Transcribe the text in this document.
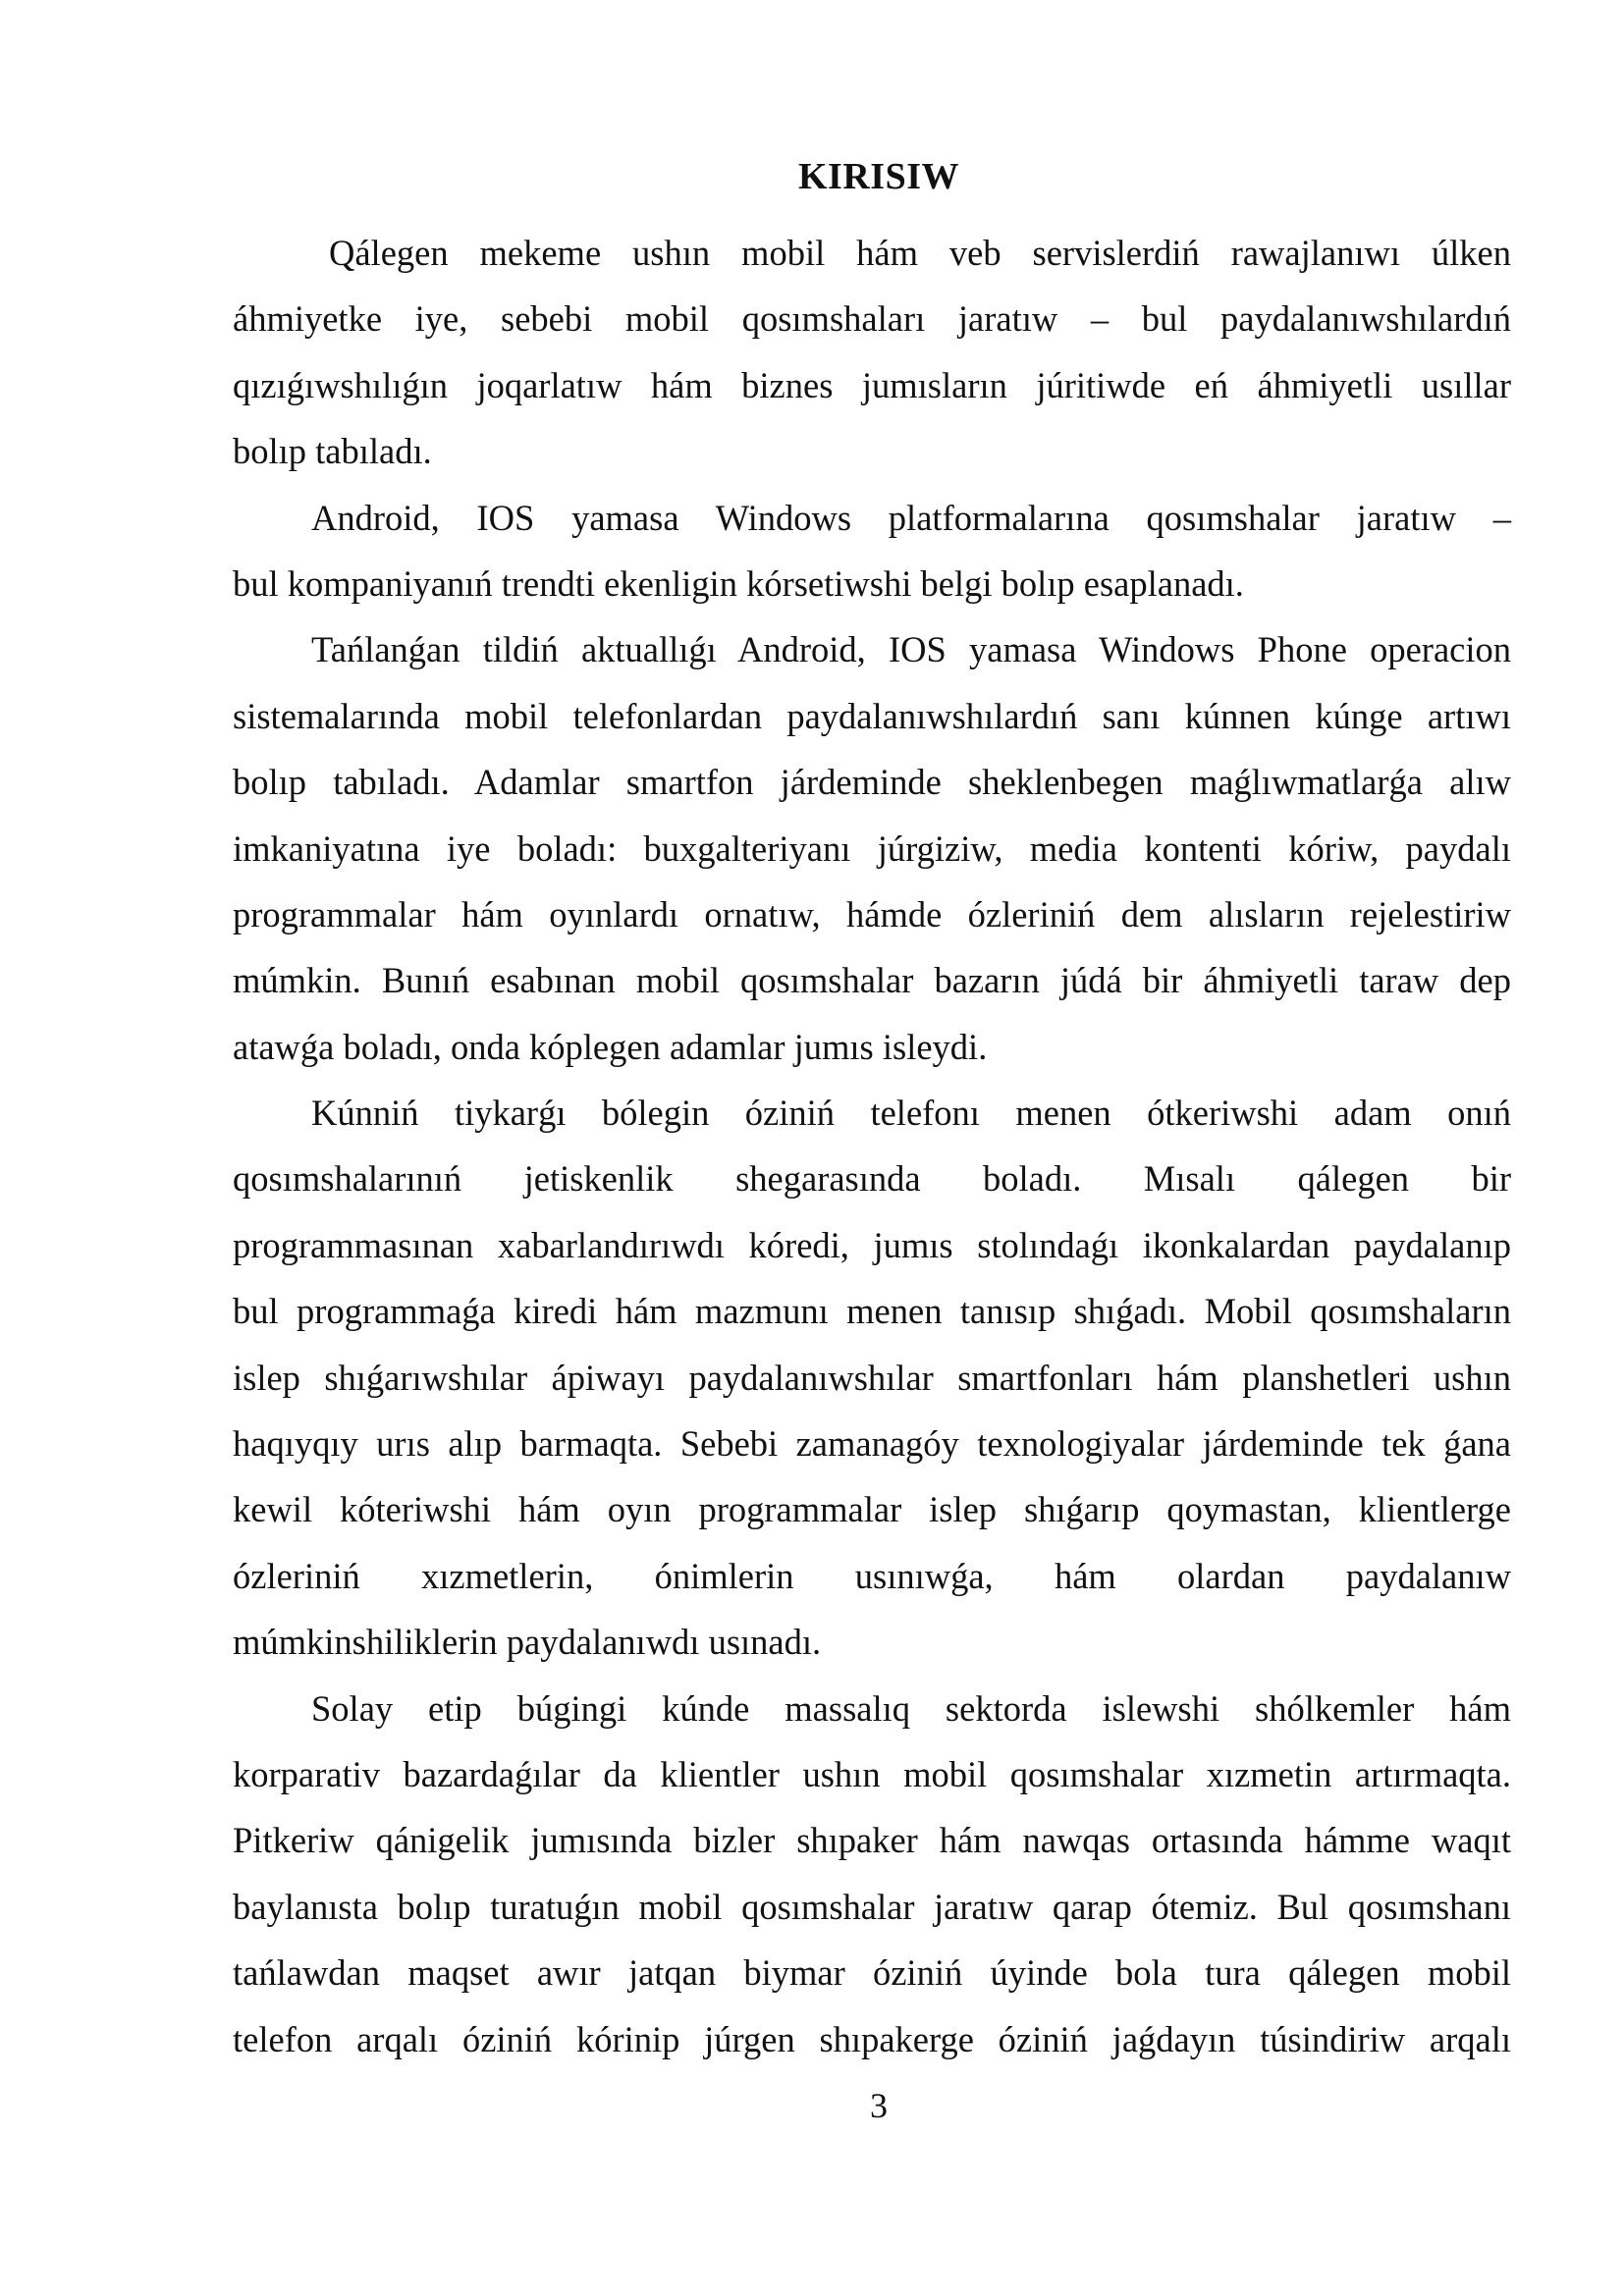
KIRISIW
Qálegen mekeme ushın mobil hám veb servislerdiń rawajlanıwı úlken
áhmiyetke iye, sebebi mobil qosımshaları jaratıw – bul paydalanıwshılardıń
qızıǵıwshılıǵın joqarlatıw hám biznes jumısların júritiwde eń áhmiyetli usıllar
bolıp tabıladı.
Android, IOS yamasa Windows platformalarına qosımshalar jaratıw –
bul kompaniyanıń trendti ekenligin kórsetiwshi belgi bolıp esaplanadı.
Tańlanǵan tildiń aktuallıǵı Android, IOS yamasa Windows Phone operacion
sistemalarında mobil telefonlardan paydalanıwshılardıń sanı kúnnen kúnge artıwı
bolıp tabıladı. Adamlar smartfon járdeminde sheklenbegen maǵlıwmatlarǵa alıw
imkaniyatına iye boladı: buxgalteriyanı júrgiziw, media kontenti kóriw, paydalı
programmalar hám oyınlardı ornatıw, hámde ózleriniń dem alısların rejelestiriw
múmkin. Bunıń esabınan mobil qosımshalar bazarın júdá bir áhmiyetli taraw dep
atawǵa boladı, onda kóplegen adamlar jumıs isleydi.
Kúnniń tiykarǵı bólegin óziniń telefonı menen ótkeriwshi adam onıń
qosımshalarınıń jetiskenlik shegarasında boladı. Mısalı qálegen bir
programmasınan xabarlandırıwdı kóredi, jumıs stolındaǵı ikonkalardan paydalanıp
bul programmaǵa kiredi hám mazmunı menen tanısıp shıǵadı. Mobil qosımshaların
islep shıǵarıwshılar ápiwayı paydalanıwshılar smartfonları hám planshetleri ushın
haqıyqıy urıs alıp barmaqta. Sebebi zamanagóy texnologiyalar járdeminde tek ǵana
kewil kóteriwshi hám oyın programmalar islep shıǵarıp qoymastan, klientlerge
ózleriniń xızmetlerin, ónimlerin usınıwǵa, hám olardan paydalanıw
múmkinshiliklerin paydalanıwdı usınadı.
Solay etip búgingi kúnde massalıq sektorda islewshi shólkemler hám
korparativ bazardaǵılar da klientler ushın mobil qosımshalar xızmetin artırmaqta.
Pitkeriw qánigelik jumısında bizler shıpaker hám nawqas ortasında hámme waqıt
baylanısta bolıp turatuǵın mobil qosımshalar jaratıw qarap ótemiz. Bul qosımshanı
tańlawdan maqset awır jatqan biymar óziniń úyinde bola tura qálegen mobil
telefon arqalı óziniń kórinip júrgen shıpakerge óziniń jaǵdayın túsindiriw arqalı
3
